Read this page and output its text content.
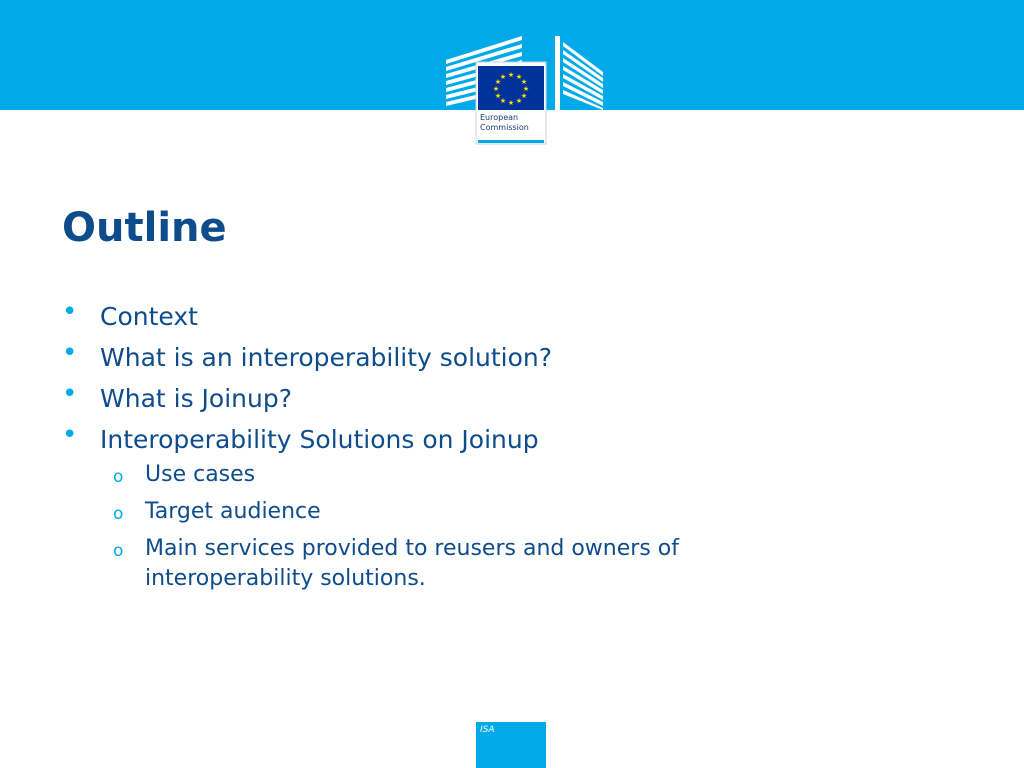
★ ★
★
★
★
★
★
★
★
★
★
★
European
Commission
Outline
• Context
• What is an interoperability solution?
• What is Joinup?
• Interoperability Solutions on Joinup
o Use cases
o Target audience
o Main services provided to reusers and owners of interoperability solutions.
ISA
